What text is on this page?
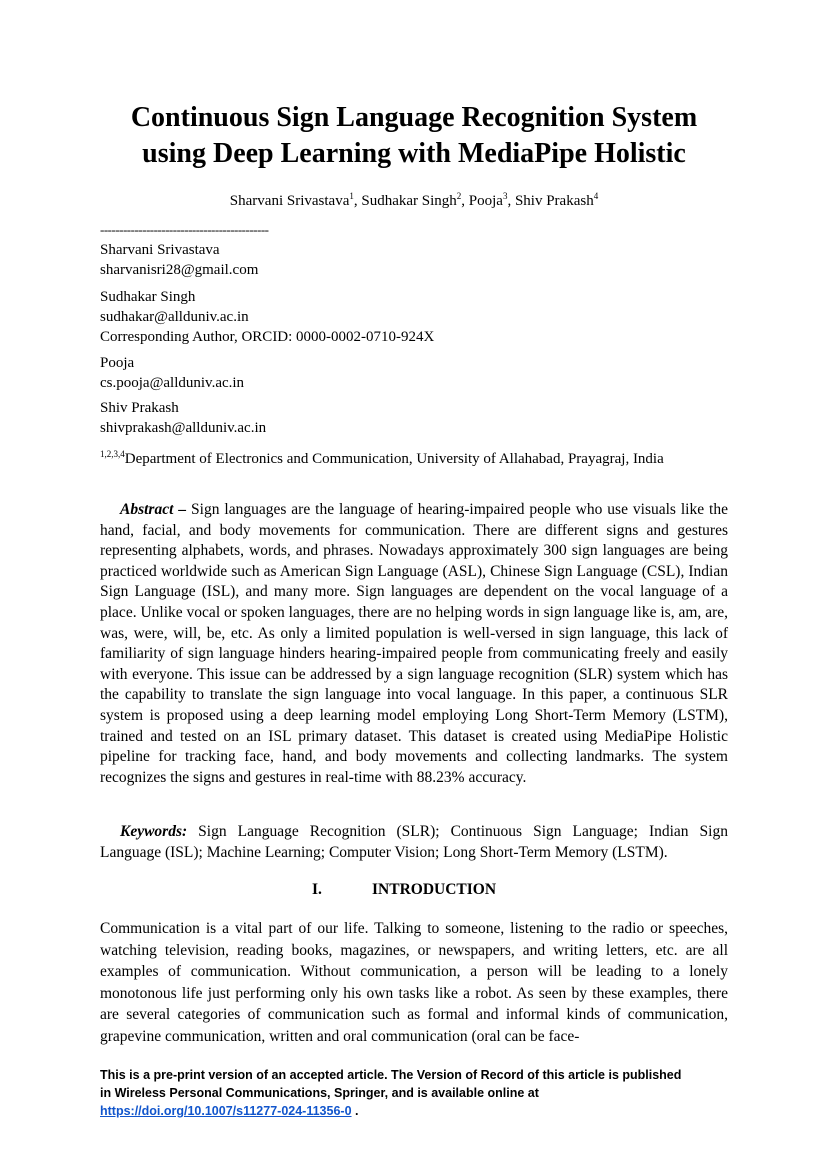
Continuous Sign Language Recognition System
using Deep Learning with MediaPipe Holistic
Sharvani Srivastava$^1$, Sudhakar Singh$^2$, Pooja$^3$, Shiv Prakash$^4$
--------------------------------------------
Sharvani Srivastava
sharvanisri28@gmail.com
Sudhakar Singh
sudhakar@allduniv.ac.in
Corresponding Author, ORCID: 0000-0002-0710-924X
Pooja
cs.pooja@allduniv.ac.in
Shiv Prakash
shivprakash@allduniv.ac.in
$^{1,2,3,4}$Department of Electronics and Communication, University of Allahabad, Prayagraj, India

Abstract – Sign languages are the language of hearing-impaired people who use visuals like the hand, facial, and body movements for communication. There are different signs and gestures representing alphabets, words, and phrases. Nowadays approximately 300 sign languages are being practiced worldwide such as American Sign Language (ASL), Chinese Sign Language (CSL), Indian Sign Language (ISL), and many more. Sign languages are dependent on the vocal language of a place. Unlike vocal or spoken languages, there are no helping words in sign language like is, am, are, was, were, will, be, etc. As only a limited population is well-versed in sign language, this lack of familiarity of sign language hinders hearing-impaired people from communicating freely and easily with everyone. This issue can be addressed by a sign language recognition (SLR) system which has the capability to translate the sign language into vocal language. In this paper, a continuous SLR system is proposed using a deep learning model employing Long Short-Term Memory (LSTM), trained and tested on an ISL primary dataset. This dataset is created using MediaPipe Holistic pipeline for tracking face, hand, and body movements and collecting landmarks. The system recognizes the signs and gestures in real-time with 88.23% accuracy.

Keywords: Sign Language Recognition (SLR); Continuous Sign Language; Indian Sign Language (ISL); Machine Learning; Computer Vision; Long Short-Term Memory (LSTM).

I.	INTRODUCTION

Communication is a vital part of our life. Talking to someone, listening to the radio or speeches, watching television, reading books, magazines, or newspapers, and writing letters, etc. are all examples of communication. Without communication, a person will be leading to a lonely monotonous life just performing only his own tasks like a robot. As seen by these examples, there are several categories of communication such as formal and informal kinds of communication, grapevine communication, written and oral communication (oral can be face-

This is a pre-print version of an accepted article. The Version of Record of this article is published
in Wireless Personal Communications, Springer, and is available online at
https://doi.org/10.1007/s11277-024-11356-0 .
